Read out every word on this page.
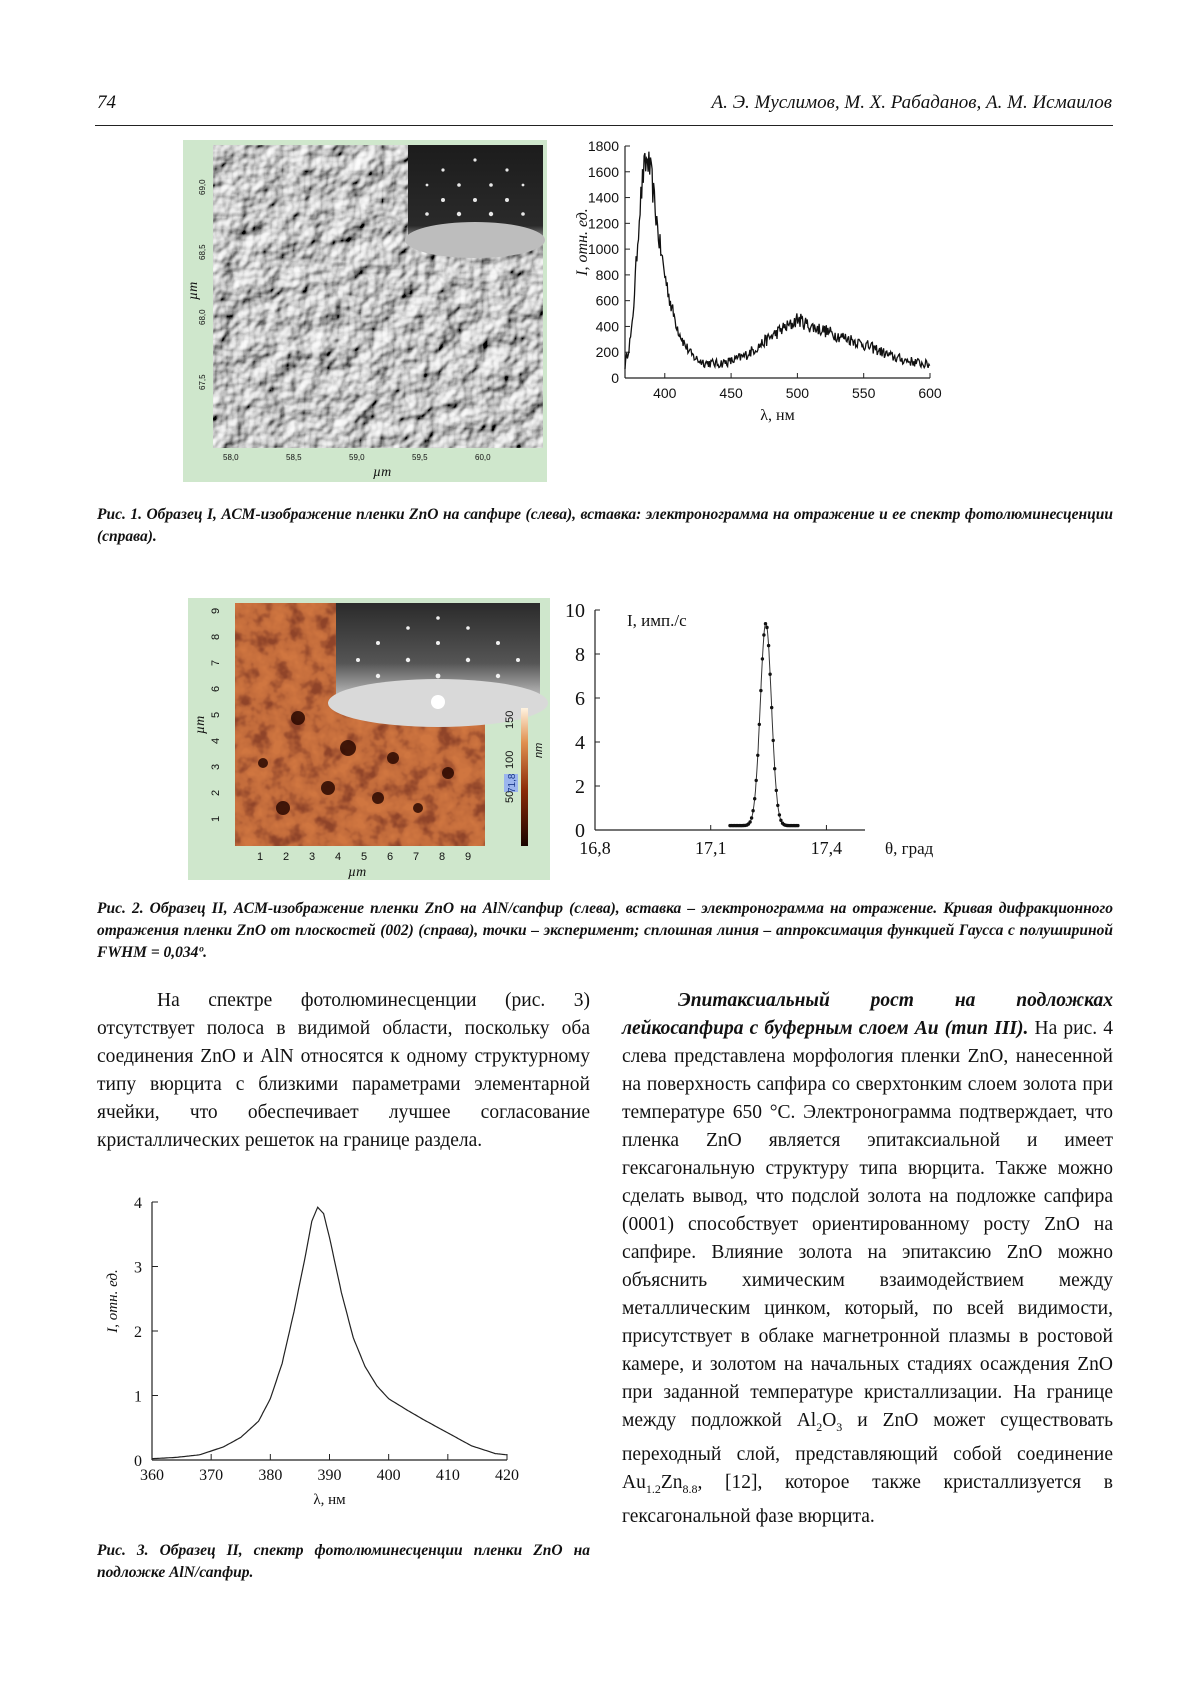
74	А. Э. Муслимов, М. Х. Рабаданов, А. М. Исмаилов
69,0
68,5
68,0
67,5
µm
58,0	58,5	59,0	59,5	60,0
µm
0
200
400
600
800
1000
1200
1400
1600
1800
400	450	500	550	600
λ, нм
I, отн. ед.
Рис. 1. Образец I, АСМ-изображение пленки ZnO на сапфире (слева), вставка: электронограмма на отражение и ее спектр фотолюминесценции (справа).
50
100
150
71,8
nm
1
2
3
4
5
6
7
8
9
µm
1 2 3 4 5 6 7 8 9
µm
0
2
4
6
8
10
16,8	17,1	17,4
I, имп./с
θ, град
Рис. 2. Образец II, АСМ-изображение пленки ZnO на AlN/сапфир (слева), вставка – электронограмма на отражение. Кривая дифракционного отражения пленки ZnO от плоскостей (002) (справа), точки – эксперимент; сплошная линия – аппроксимация функцией Гаусса с полушириной FWHM = 0,034º.
На спектре фотолюминесценции (рис. 3) отсутствует полоса в видимой области, поскольку оба соединения ZnO и AlN относятся к одному структурному типу вюрцита с близкими параметрами элементарной ячейки, что обеспечивает лучшее согласование кристаллических решеток на границе раздела.
Эпитаксиальный рост на подложках лейкосапфира с буферным слоем Au (тип III). На рис. 4 слева представлена морфология пленки ZnO, нанесенной на поверхность сапфира со сверхтонким слоем золота при температуре 650 °С. Электронограмма подтверждает, что пленка ZnO является эпитаксиальной и имеет гексагональную структуру типа вюрцита. Также можно сделать вывод, что подслой золота на подложке сапфира (0001) способствует ориентированному росту ZnO на сапфире. Влияние золота на эпитаксию ZnO можно объяснить химическим взаимодействием между металлическим цинком, который, по всей видимости, присутствует в облаке магнетронной плазмы в ростовой камере, и золотом на начальных стадиях осаждения ZnO при заданной температуре кристаллизации. На границе между подложкой $Al_2O_3$ и ZnO может существовать переходный слой, представляющий собой соединение $Au_{1.2}Zn_{8.8}$, [12], которое также кристаллизуется в гексагональной фазе вюрцита.
0
1
2
3
4
360 370 380 390 400 410 420
λ, нм
I, отн. ед.
Рис. 3. Образец II, спектр фотолюминесценции пленки ZnO на подложке AlN/сапфир.
